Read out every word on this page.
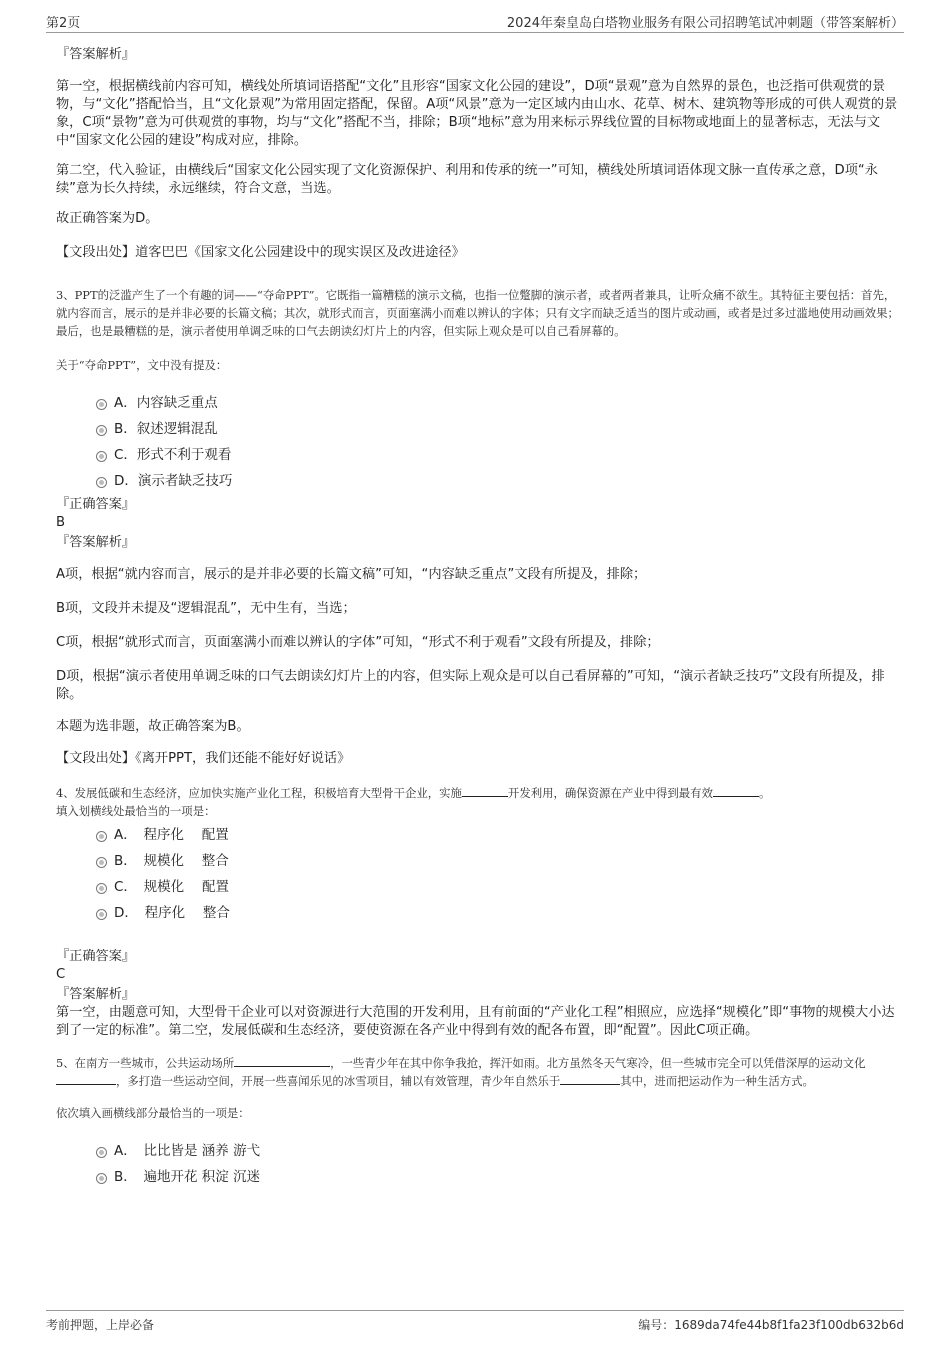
第2页	2024年秦皇岛白塔物业服务有限公司招聘笔试冲刺题（带答案解析）

『答案解析』

第一空，根据横线前内容可知，横线处所填词语搭配“文化”且形容“国家文化公园的建设”，D项“景观”意为自然界的景色，也泛指可供观赏的景物，与“文化”搭配恰当，且“文化景观”为常用固定搭配，保留。A项“风景”意为一定区域内由山水、花草、树木、建筑物等形成的可供人观赏的景象，C项“景物”意为可供观赏的事物，均与“文化”搭配不当，排除；B项“地标”意为用来标示界线位置的目标物或地面上的显著标志，无法与文中“国家文化公园的建设”构成对应，排除。

第二空，代入验证，由横线后“国家文化公园实现了文化资源保护、利用和传承的统一”可知，横线处所填词语体现文脉一直传承之意，D项“永续”意为长久持续，永远继续，符合文意，当选。

故正确答案为D。

【文段出处】道客巴巴《国家文化公园建设中的现实误区及改进途径》

3、PPT的泛滥产生了一个有趣的词——“夺命PPT”。它既指一篇糟糕的演示文稿，也指一位蹩脚的演示者，或者两者兼具，让听众痛不欲生。其特征主要包括：首先，就内容而言，展示的是并非必要的长篇文稿；其次，就形式而言，页面塞满小而难以辨认的字体；只有文字而缺乏适当的图片或动画，或者是过多过滥地使用动画效果；最后，也是最糟糕的是，演示者使用单调乏味的口气去朗读幻灯片上的内容，但实际上观众是可以自己看屏幕的。

关于“夺命PPT”，文中没有提及：

A．内容缺乏重点
B．叙述逻辑混乱
C．形式不利于观看
D．演示者缺乏技巧

『正确答案』

B

『答案解析』

A项，根据“就内容而言，展示的是并非必要的长篇文稿”可知，“内容缺乏重点”文段有所提及，排除；

B项，文段并未提及“逻辑混乱”，无中生有，当选；

C项，根据“就形式而言，页面塞满小而难以辨认的字体”可知，“形式不利于观看”文段有所提及，排除；

D项，根据“演示者使用单调乏味的口气去朗读幻灯片上的内容，但实际上观众是可以自己看屏幕的”可知，“演示者缺乏技巧”文段有所提及，排除。

本题为选非题，故正确答案为B。

【文段出处】《离开PPT，我们还能不能好好说话》

4、发展低碳和生态经济，应加快实施产业化工程，积极培育大型骨干企业，实施	开发利用，确保资源在产业中得到最有效	。

填入划横线处最恰当的一项是：

A．　程序化　 配置
B．　规模化　 整合
C．　规模化　 配置
D．　程序化　 整合

『正确答案』

C

『答案解析』

第一空，由题意可知，大型骨干企业可以对资源进行大范围的开发利用，且有前面的“产业化工程”相照应，应选择“规模化”即“事物的规模大小达到了一定的标准”。第二空，发展低碳和生态经济，要使资源在各产业中得到有效的配各布置，即“配置”。因此C项正确。

5、在南方一些城市，公共运动场所	，一些青少年在其中你争我抢，挥汗如雨。北方虽然冬天气寒冷，但一些城市完全可以凭借深厚的运动文化，多打造一些运动空间，开展一些喜闻乐见的冰雪项目，辅以有效管理，青少年自然乐于	其中，进而把运动作为一种生活方式。

依次填入画横线部分最恰当的一项是：

A．　比比皆是 涵养 游弋
B．　遍地开花 积淀 沉迷
考前押题，上岸必备	编号：1689da74fe44b8f1fa23f100db632b6d
